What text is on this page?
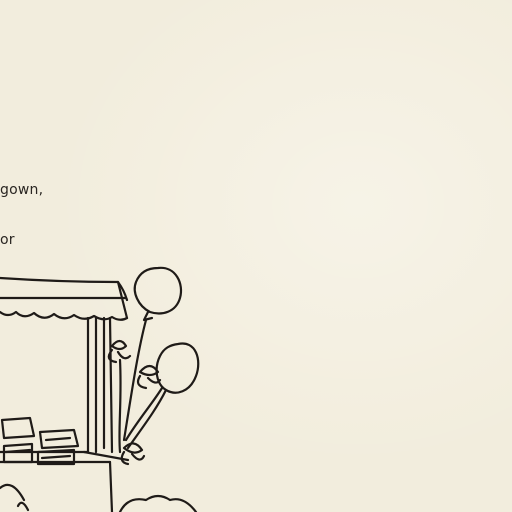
gown,
or
